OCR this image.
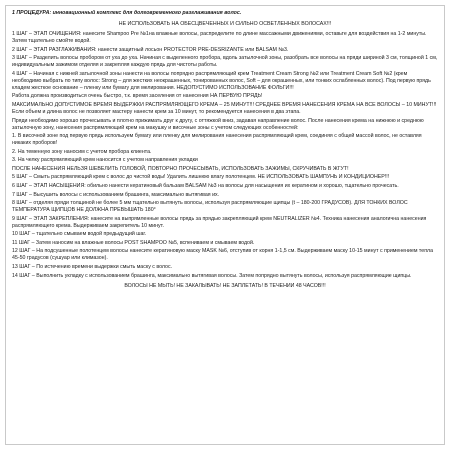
1 ПРОЦЕДУРА: инновационный комплекс для долговременного разглаживания волос.

НЕ ИСПОЛЬЗОВАТЬ НА ОБЕСЦВЕЧЕННЫХ И СИЛЬНО ОСВЕТЛЕННЫХ ВОЛОСАХ!!!

1 ШАГ – ЭТАП ОЧИЩЕНИЯ: нанесите Shampoo Pre №1на влажные волосы, распределите по длине массажными движениями, оставьте для воздействия на 1-2 минуты. Затем тщательно смойте водой.

2 ШАГ – ЭТАП РАЗГЛАЖИВАНИЯ: нанести защитный лосьон PROTECTOR PRE-DESRIZANTE или BALSAM №3.

3 ШАГ – Разделить волосы пробором от уха до уха. Начиная с выделенного пробора, вдоль затылочной зоны, разобрать все волосы на пряди шириной 3 см, толщиной 1 см, индивидуальным зажимом отделяя и закрепляя каждую прядь для чистоты работы.

4 ШАГ – Начиная с нижней затылочной зоны нанести на волосы попрядно распрямляющий крем Treatment Cream Strong №2 или Treatment Cream Soft №2 (крем необходимо выбрать по типу волос: Strong – для жестких неокрашенных, тонированных волос, Soft – для окрашенных, или тонких ослабленных волос). Под первую прядь кладем жесткое основание – пленку или бумагу для мелирования. НЕДОПУСТИМО ИСПОЛЬЗОВАНИЕ ФОЛЬГИ!!!

Работа должна производиться очень быстро, т.к. время заселения от нанесения НА ПЕРВУЮ ПРЯДЬ!

МАКСИМАЛЬНО ДОПУСТИМОЕ ВРЕМЯ ВЫДЕРЖКИ РАСПРЯМЛЯЮЩЕГО КРЕМА – 25 МИНУТ!!! СРЕДНЕЕ ВРЕМЯ НАНЕСЕНИЯ КРЕМА НА ВСЕ ВОЛОСЫ – 10 МИНУТ!!! Если объем и длина волос не позволяет мастеру нанести крем за 10 минут, то рекомендуется нанесения в два этапа.

Пряди необходимо хорошо прочесывать и плотно прижимать друг к другу, с оттяжкой вниз, задавая направление волос. После нанесения крема на нижнюю и среднюю затылочную зону, нанесения распрямляющий крем на макушку и височные зоны с учетом следующих особенностей:

1. В височной зоне под первую прядь используем бумагу или пленку для мелирования нанесения распрямляющий крем, соединяя с общей массой волос, не оставляя никаких проборов!

2. На теменную зону наносим с учетом пробора клиента.

3. На челку распрямляющий крем наносится с учетом направления укладки

ПОСЛЕ НАНЕСЕНИЯ НЕЛЬЗЯ ШЕВЕЛИТЬ ГОЛОВОЙ, ПОВТОРНО ПРОЧЕСЫВАТЬ, ИСПОЛЬЗОВАТЬ ЗАЖИМЫ, СКРУЧИВАТЬ В ЖГУТ!

5 ШАГ – Смыть распрямляющий крем с волос до чистой воды! Удалить лишнюю влагу полотенцем. НЕ ИСПОЛЬЗОВАТЬ ШАМПУНЬ И КОНДИЦИОНЕР!!!

6 ШАГ – ЭТАП НАСЫЩЕНИЯ: обильно нанести кератиновый бальзам BALSAM №3 на волосы для насыщения их кератином и хорошо, тщательно прочесать.

7 ШАГ – Высушить волосы с использованием брашинга, максимально вытягивая их.

8 ШАГ – отделяя пряди толщиной не более 5 мм тщательно вытянуть волосы, используя распрямляющие щипцы (t – 180-200 ГРАДУСОВ). ДЛЯ ТОНКИХ ВОЛОС ТЕМПЕРАТУРА ЩИПЦОВ НЕ ДОЛЖНА ПРЕВЫШАТЬ 180°

9 ШАГ – ЭТАП ЗАКРЕПЛЕНИЯ: нанесите на выпрямленные волосы прядь за прядью закрепляющий крем NEUTRALIZER №4. Техника нанесения аналогична нанесения распрямляющего крема. Выдерживаем закрепитель 10 минут.

10 ШАГ – тщательно смываем водой предыдущий шаг.

11 ШАГ – Затем наносим на влажные волосы POST SHAMPOO №5, вспениваем и смываем водой.

12 ШАГ – На подсушенные полотенцем волосы нанесите кератиновую маску MASK №6, отступив от корня 1-1,5 см. Выдерживаем маску 10-15 минут с применением тепла 45-50 градусов (сушуар или климазон).

13 ШАГ – По истечению времени выдержки смыть маску с волос.

14 ШАГ – Выполнить укладку с использованием брашинга, максимально вытягивая волосы. Затем попрядно вытянуть волосы, используя распрямляющие щипцы.

ВОЛОСЫ НЕ МЫТЬ! НЕ ЗАКАЛЫВАТЬ! НЕ ЗАПЛЕТАТЬ! В ТЕЧЕНИИ 48 ЧАСОВ!!!
